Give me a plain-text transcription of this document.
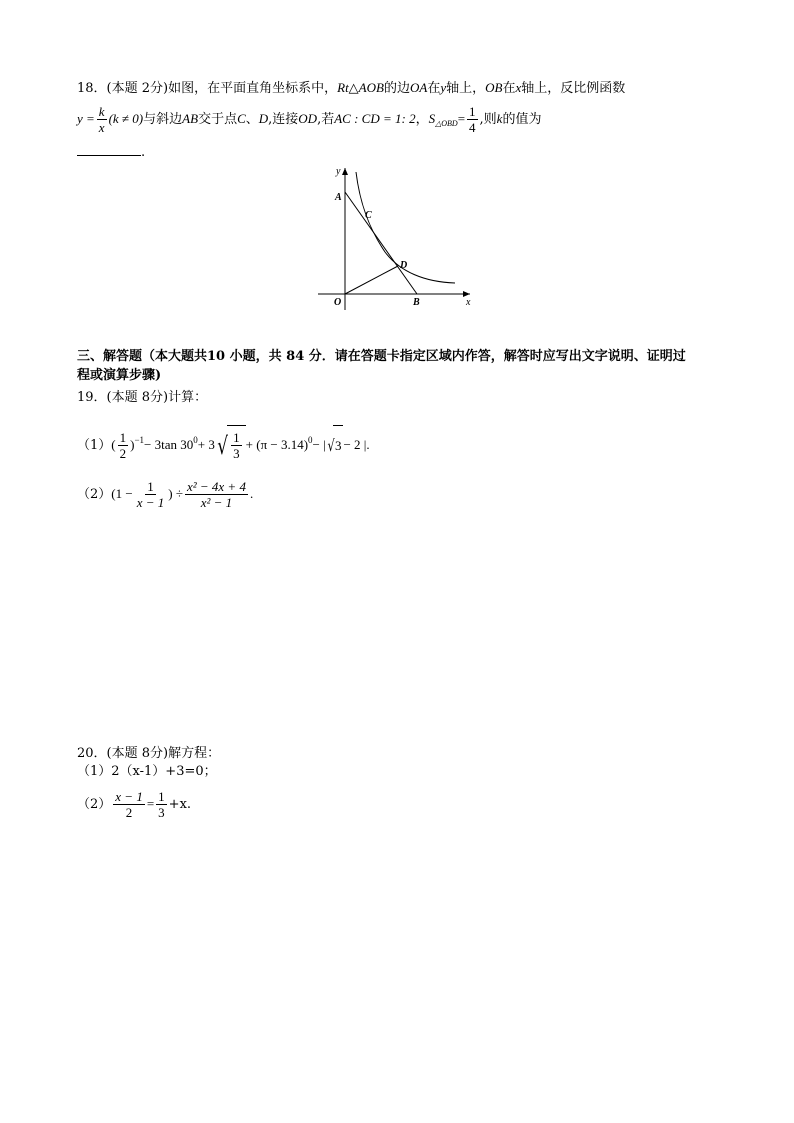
18．(本题 2分)如图，在平面直角坐标系中，Rt△AOB的边OA在y轴上，OB在x轴上，反比例函数
$y = \frac{k}{x} (k \ne 0)$与斜边AB交于点C、D,连接OD,若AC : CD = 1: 2，$S_{\triangle OBD}= \frac{1}{4}$ ,则k的值为
.
y
x
A
C
D
O	B
三、解答题（本大题共10 小题，共 84 分．请在答题卡指定区域内作答，解答时应写出文字说明、证明过
程或演算步骤)
19．(本题 8分)计算：
$(1)( \frac{1}{2} )^{-1}- 3\tan$ $30^0+ 3$ √ $\frac{1}{3} + (\pi - 3.14)^0-$ | √ 3 − 2 |.
$(2)(1 - \frac{1}{x - 1}$ ) ÷ $\frac{\text{x² − 4x + 4}}{\text{x² − 1}}$ .
20．(本题 8分)解方程：
（1）2（x-1）+3=0；
$(2) \frac{x - 1}{2} = \frac{1}{3} +x$.
